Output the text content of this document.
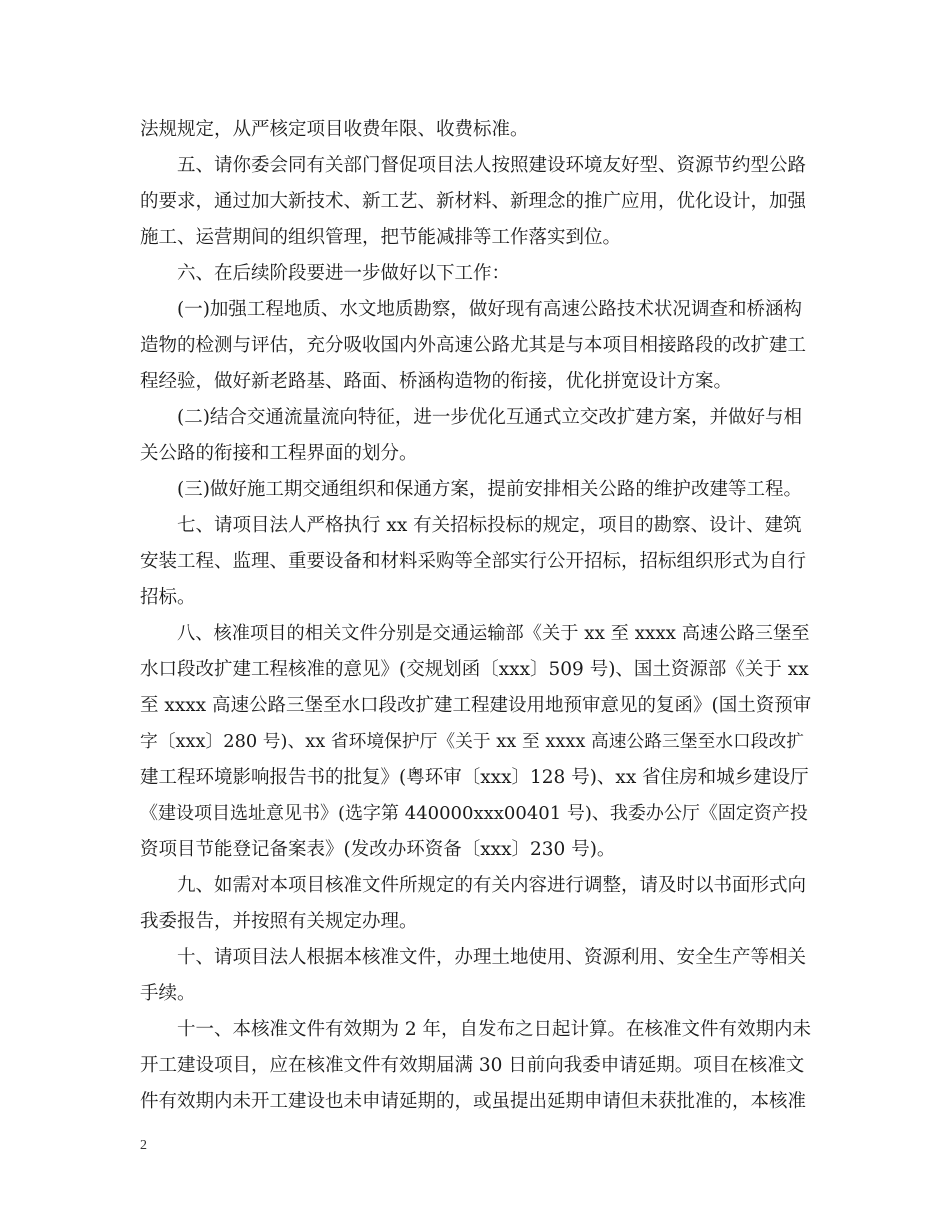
法规规定，从严核定项目收费年限、收费标准。
五、请你委会同有关部门督促项目法人按照建设环境友好型、资源节约型公路
的要求，通过加大新技术、新工艺、新材料、新理念的推广应用，优化设计，加强
施工、运营期间的组织管理，把节能减排等工作落实到位。
六、在后续阶段要进一步做好以下工作：
(一)加强工程地质、水文地质勘察，做好现有高速公路技术状况调查和桥涵构
造物的检测与评估，充分吸收国内外高速公路尤其是与本项目相接路段的改扩建工
程经验，做好新老路基、路面、桥涵构造物的衔接，优化拼宽设计方案。
(二)结合交通流量流向特征，进一步优化互通式立交改扩建方案，并做好与相
关公路的衔接和工程界面的划分。
(三)做好施工期交通组织和保通方案，提前安排相关公路的维护改建等工程。
七、请项目法人严格执行 xx 有关招标投标的规定，项目的勘察、设计、建筑
安装工程、监理、重要设备和材料采购等全部实行公开招标，招标组织形式为自行
招标。
八、核准项目的相关文件分别是交通运输部《关于 xx 至 xxxx 高速公路三堡至
水口段改扩建工程核准的意见》(交规划函〔xxx〕509 号)、国土资源部《关于 xx
至 xxxx 高速公路三堡至水口段改扩建工程建设用地预审意见的复函》(国土资预审
字〔xxx〕280 号)、xx 省环境保护厅《关于 xx 至 xxxx 高速公路三堡至水口段改扩
建工程环境影响报告书的批复》(粤环审〔xxx〕128 号)、xx 省住房和城乡建设厅
《建设项目选址意见书》(选字第 440000xxx00401 号)、我委办公厅《固定资产投
资项目节能登记备案表》(发改办环资备〔xxx〕230 号)。
九、如需对本项目核准文件所规定的有关内容进行调整，请及时以书面形式向
我委报告，并按照有关规定办理。
十、请项目法人根据本核准文件，办理土地使用、资源利用、安全生产等相关
手续。
十一、本核准文件有效期为 2 年，自发布之日起计算。在核准文件有效期内未
开工建设项目，应在核准文件有效期届满 30 日前向我委申请延期。项目在核准文
件有效期内未开工建设也未申请延期的，或虽提出延期申请但未获批准的，本核准
2
